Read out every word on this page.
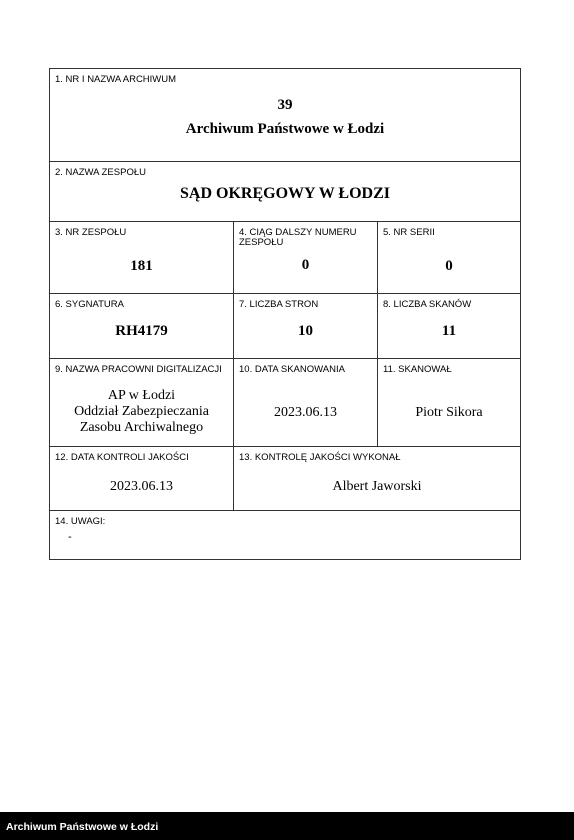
1. NR I NAZWA ARCHIWUM
39
Archiwum Państwowe w Łodzi
2. NAZWA ZESPOŁU
SĄD OKRĘGOWY W ŁODZI
3. NR ZESPOŁU
181
4. CIĄG DALSZY NUMERU ZESPOŁU
0
5. NR SERII
0
6. SYGNATURA
RH4179
7. LICZBA STRON
10
8. LICZBA SKANÓW
11
9. NAZWA PRACOWNI DIGITALIZACJI
AP w Łodzi
Oddział Zabezpieczania
Zasobu Archiwalnego
10. DATA SKANOWANIA
2023.06.13
11. SKANOWAŁ
Piotr Sikora
12. DATA KONTROLI JAKOŚCI
2023.06.13
13. KONTROLĘ JAKOŚCI WYKONAŁ
Albert Jaworski
14. UWAGI:
-
Archiwum Państwowe w Łodzi
